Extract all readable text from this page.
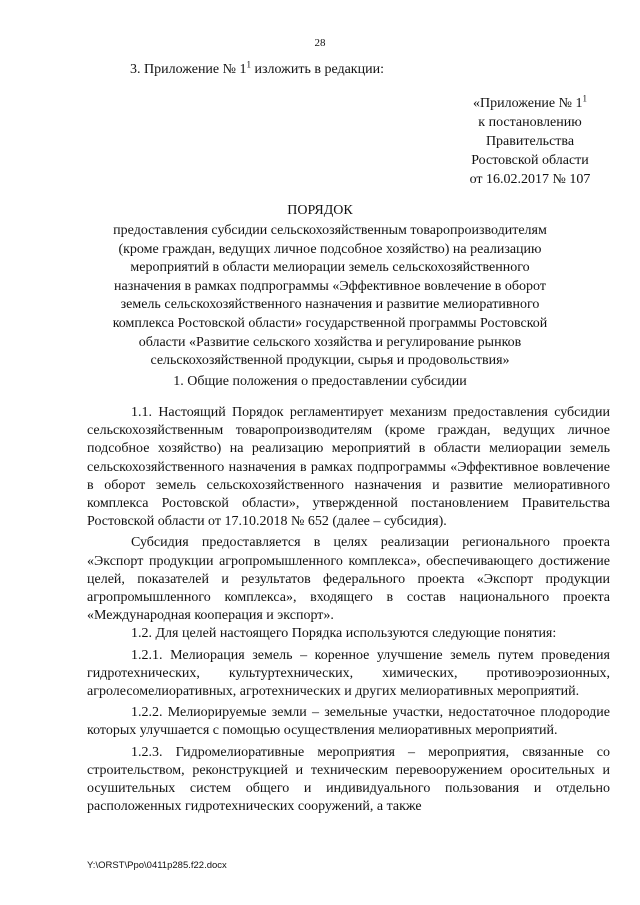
28
3. Приложение № $1^1$ изложить в редакции:
«Приложение № $1^1$
к постановлению
Правительства
Ростовской области
от 16.02.2017 № 107
ПОРЯДОК
предоставления субсидии сельскохозяйственным товаропроизводителям (кроме граждан, ведущих личное подсобное хозяйство) на реализацию мероприятий в области мелиорации земель сельскохозяйственного назначения в рамках подпрограммы «Эффективное вовлечение в оборот земель сельскохозяйственного назначения и развитие мелиоративного комплекса Ростовской области» государственной программы Ростовской области «Развитие сельского хозяйства и регулирование рынков сельскохозяйственной продукции, сырья и продовольствия»
1. Общие положения о предоставлении субсидии

1.1. Настоящий Порядок регламентирует механизм предоставления субсидии сельскохозяйственным товаропроизводителям (кроме граждан, ведущих личное подсобное хозяйство) на реализацию мероприятий в области мелиорации земель сельскохозяйственного назначения в рамках подпрограммы «Эффективное вовлечение в оборот земель сельскохозяйственного назначения и развитие мелиоративного комплекса Ростовской области», утвержденной постановлением Правительства Ростовской области от 17.10.2018 № 652 (далее – субсидия).

Субсидия предоставляется в целях реализации регионального проекта «Экспорт продукции агропромышленного комплекса», обеспечивающего достижение целей, показателей и результатов федерального проекта «Экспорт продукции агропромышленного комплекса», входящего в состав национального проекта «Международная кооперация и экспорт».

1.2. Для целей настоящего Порядка используются следующие понятия:

1.2.1. Мелиорация земель – коренное улучшение земель путем проведения гидротехнических, культуртехнических, химических, противоэрозионных, агролесомелиоративных, агротехнических и других мелиоративных мероприятий.

1.2.2. Мелиорируемые земли – земельные участки, недостаточное плодородие которых улучшается с помощью осуществления мелиоративных мероприятий.

1.2.3. Гидромелиоративные мероприятия – мероприятия, связанные со строительством, реконструкцией и техническим перевооружением оросительных и осушительных систем общего и индивидуального пользования и отдельно расположенных гидротехнических сооружений, а также

Y:\ORST\Ppo\0411p285.f22.docx
